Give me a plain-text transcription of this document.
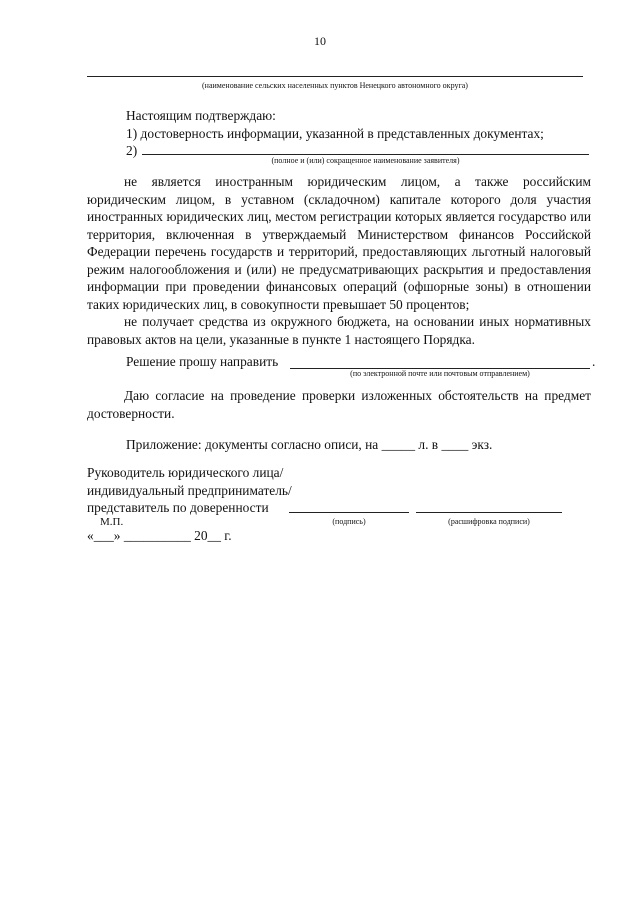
10
(наименование сельских населенных пунктов Ненецкого автономного округа)
Настоящим подтверждаю:
1) достоверность информации, указанной в представленных документах;
2)
(полное и (или) сокращенное наименование заявителя)

не является иностранным юридическим лицом, а также российским юридическим лицом, в уставном (складочном) капитале которого доля участия иностранных юридических лиц, местом регистрации которых является государство или территория, включенная в утверждаемый Министерством финансов Российской Федерации перечень государств и территорий, предоставляющих льготный налоговый режим налогообложения и (или) не предусматривающих раскрытия и предоставления информации при проведении финансовых операций (офшорные зоны) в отношении таких юридических лиц, в совокупности превышает 50 процентов;

не получает средства из окружного бюджета, на основании иных нормативных правовых актов на цели, указанные в пункте 1 настоящего Порядка.

Решение прошу направить	.
(по электронной почте или почтовым отправлением)

Даю согласие на проведение проверки изложенных обстоятельств на предмет достоверности.

Приложение: документы согласно описи, на _____ л. в ____ экз.
Руководитель юридического лица/
индивидуальный предприниматель/
представитель по доверенности
М.П.	(подпись)	(расшифровка подписи)
«___» __________ 20__ г.
